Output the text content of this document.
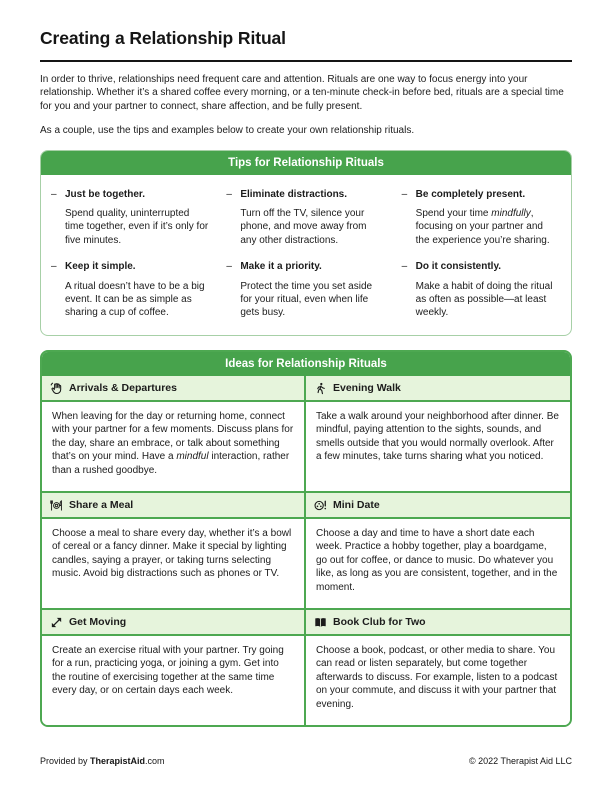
Creating a Relationship Ritual

In order to thrive, relationships need frequent care and attention. Rituals are one way to focus energy into your relationship. Whether it’s a shared coffee every morning, or a ten-minute check-in before bed, rituals are a special time for you and your partner to connect, share affection, and be fully present.

As a couple, use the tips and examples below to create your own relationship rituals.

Tips for Relationship Rituals
– Just be together.
Spend quality, uninterrupted time together, even if it’s only for five minutes.
– Eliminate distractions.
Turn off the TV, silence your phone, and move away from any other distractions.
– Be completely present.
Spend your time mindfully, focusing on your partner and the experience you’re sharing.
– Keep it simple.
A ritual doesn’t have to be a big event. It can be as simple as sharing a cup of coffee.
– Make it a priority.
Protect the time you set aside for your ritual, even when life gets busy.
– Do it consistently.
Make a habit of doing the ritual as often as possible—at least weekly.
Ideas for Relationship Rituals
Arrivals & Departures	Evening Walk
When leaving for the day or returning home, connect with your partner for a few moments. Discuss plans for the day, share an embrace, or talk about something that’s on your mind. Have a mindful interaction, rather than a rushed goodbye.
Take a walk around your neighborhood after dinner. Be mindful, paying attention to the sights, sounds, and smells outside that you would normally overlook. After a few minutes, take turns sharing what you noticed.
Share a Meal	Mini Date
Choose a meal to share every day, whether it’s a bowl of cereal or a fancy dinner. Make it special by lighting candles, saying a prayer, or taking turns selecting music. Avoid big distractions such as phones or TV.
Choose a day and time to have a short date each week. Practice a hobby together, play a boardgame, go out for coffee, or dance to music. Do whatever you like, as long as you are consistent, together, and in the moment.
Get Moving	Book Club for Two
Create an exercise ritual with your partner. Try going for a run, practicing yoga, or joining a gym. Get into the routine of exercising together at the same time every day, or on certain days each week.
Choose a book, podcast, or other media to share. You can read or listen separately, but come together afterwards to discuss. For example, listen to a podcast on your commute, and discuss it with your partner that evening.
Provided by TherapistAid.com	© 2022 Therapist Aid LLC
